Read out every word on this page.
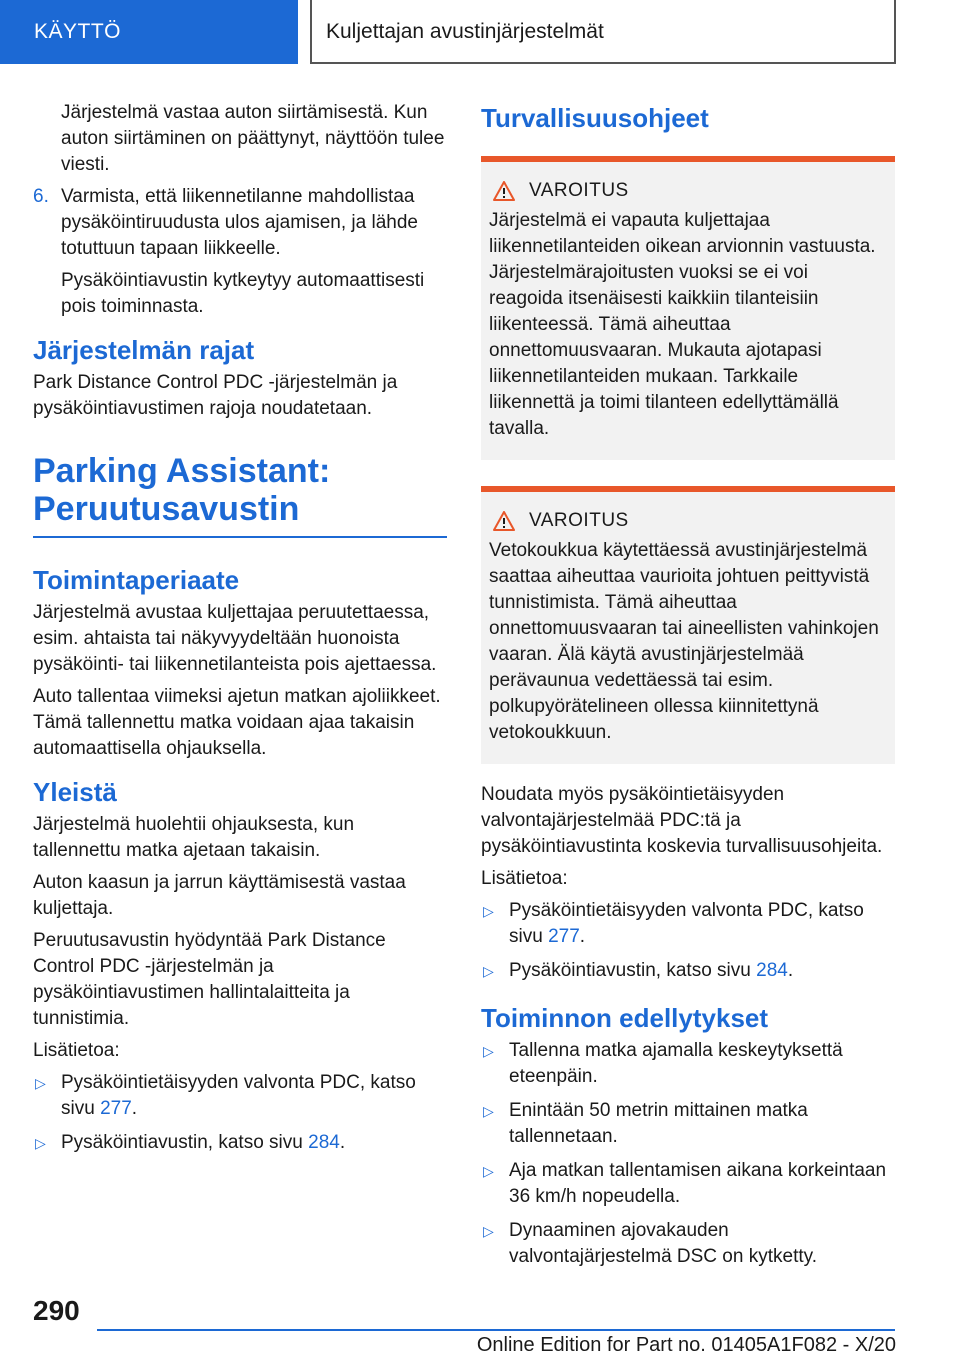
KÄYTTÖ	Kuljettajan avustinjärjestelmät

Järjestelmä vastaa auton siirtämisestä. Kun auton siirtäminen on päättynyt, näyttöön tulee viesti.

6. Varmista, että liikennetilanne mahdollistaa pysäköintiruudusta ulos ajamisen, ja lähde totuttuun tapaan liikkeelle.

Pysäköintiavustin kytkeytyy automaattisesti pois toiminnasta.

Järjestelmän rajat

Park Distance Control PDC -järjestelmän ja pysäköintiavustimen rajoja noudatetaan.

Parking Assistant:
Peruutusavustin
Toimintaperiaate

Järjestelmä avustaa kuljettajaa peruutettaessa, esim. ahtaista tai näkyvyydeltään huonoista pysäköinti- tai liikennetilanteista pois ajettaessa.

Auto tallentaa viimeksi ajetun matkan ajoliikkeet. Tämä tallennettu matka voidaan ajaa takaisin automaattisella ohjauksella.

Yleistä

Järjestelmä huolehtii ohjauksesta, kun tallennettu matka ajetaan takaisin.

Auton kaasun ja jarrun käyttämisestä vastaa kuljettaja.

Peruutusavustin hyödyntää Park Distance Control PDC -järjestelmän ja pysäköintiavustimen hallintalaitteita ja tunnistimia.

Lisätietoa:

▷ Pysäköintietäisyyden valvonta PDC, katso sivu 277.
▷ Pysäköintiavustin, katso sivu 284.
Turvallisuusohjeet
VAROITUS

Järjestelmä ei vapauta kuljettajaa liikennetilanteiden oikean arvionnin vastuusta. Järjestelmärajoitusten vuoksi se ei voi reagoida itsenäisesti kaikkiin tilanteisiin liikenteessä. Tämä aiheuttaa onnettomuusvaaran. Mukauta ajotapasi liikennetilanteiden mukaan. Tarkkaile liikennettä ja toimi tilanteen edellyttämällä tavalla.

VAROITUS

Vetokoukkua käytettäessä avustinjärjestelmä saattaa aiheuttaa vaurioita johtuen peittyvistä tunnistimista. Tämä aiheuttaa onnettomuusvaaran tai aineellisten vahinkojen vaaran. Älä käytä avustinjärjestelmää perävaunua vedettäessä tai esim. polkupyörätelineen ollessa kiinnitettynä vetokoukkuun.

Noudata myös pysäköintietäisyyden valvontajärjestelmää PDC:tä ja pysäköintiavustinta koskevia turvallisuusohjeita.

Lisätietoa:

▷ Pysäköintietäisyyden valvonta PDC, katso sivu 277.
▷ Pysäköintiavustin, katso sivu 284.
Toiminnon edellytykset
▷ Tallenna matka ajamalla keskeytyksettä eteenpäin.
▷ Enintään 50 metrin mittainen matka tallennetaan.
▷ Aja matkan tallentamisen aikana korkeintaan 36 km/h nopeudella.
▷ Dynaaminen ajovakauden valvontajärjestelmä DSC on kytketty.
290
Online Edition for Part no. 01405A1F082 - X/20
